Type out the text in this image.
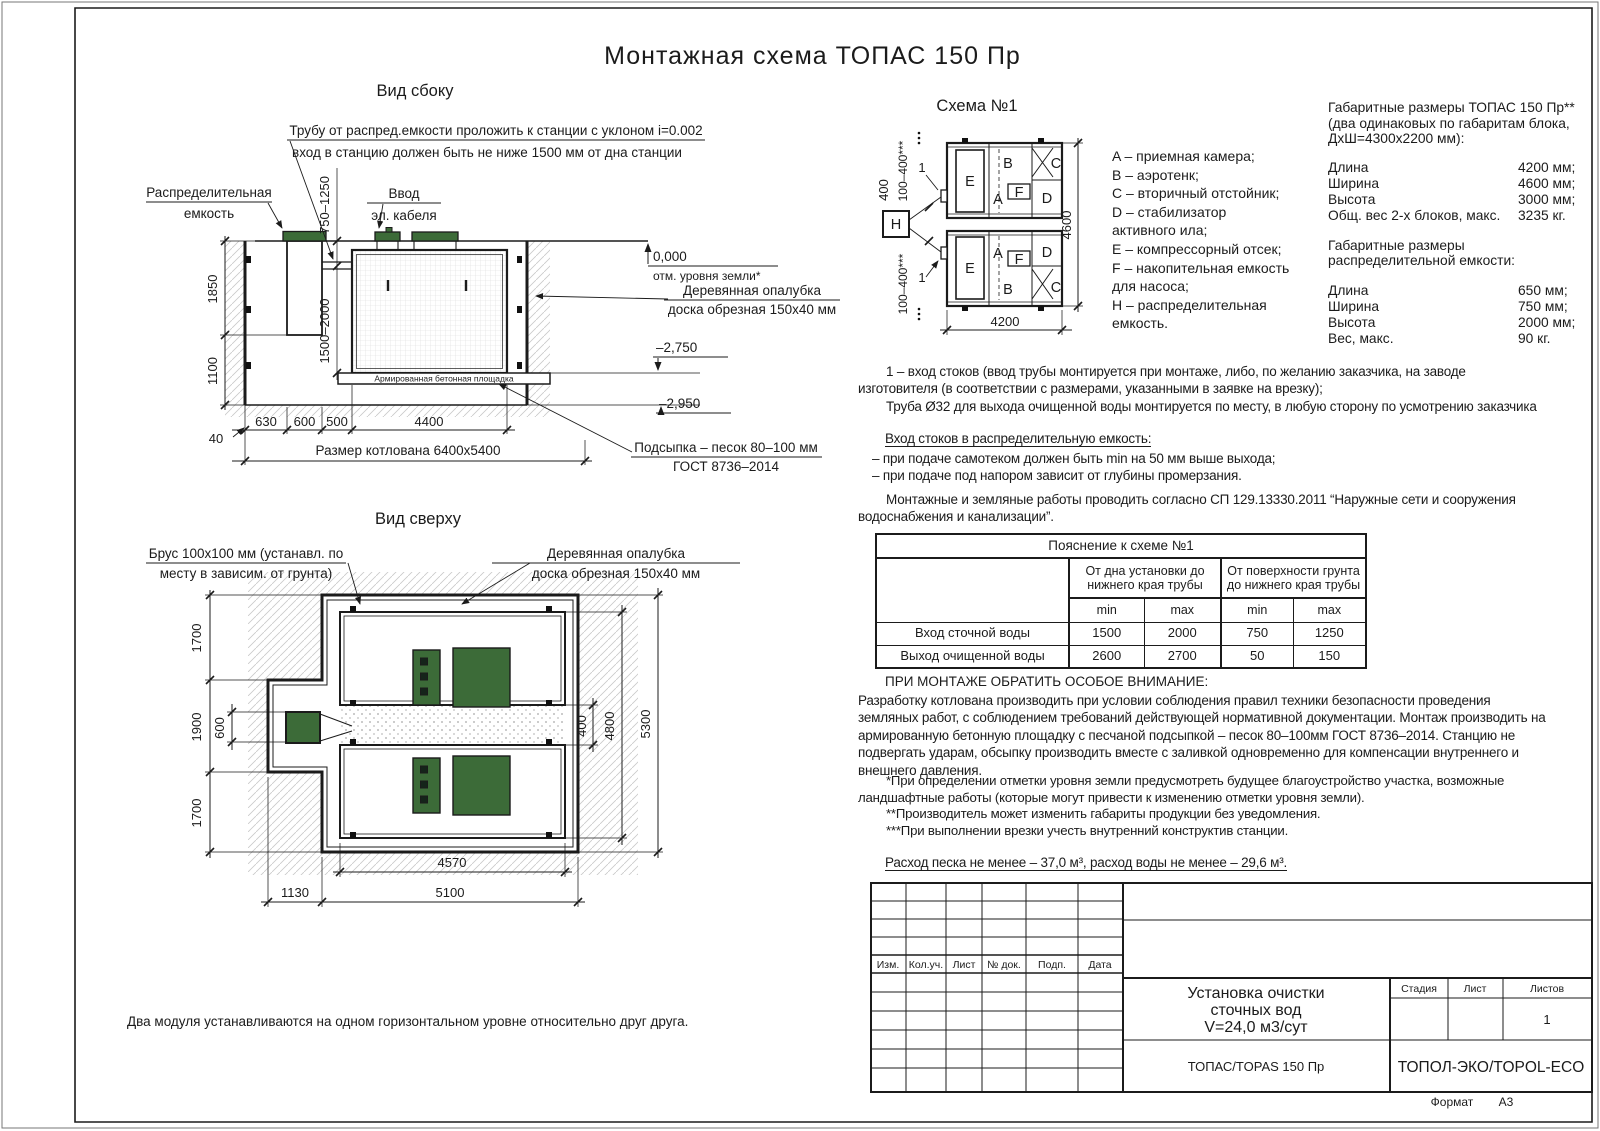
Вид сбоку
Трубу от распред.емкости проложить к станции с уклоном i=0.002
вход в станцию должен быть не ниже 1500 мм от дна станции
Распределительная
емкость
Ввод
эл. кабеля
1850
1100
750–1250
1500–2000
0,000
отм. уровня земли*
Деревянная опалубка
доска обрезная 150х40 мм
–2,750
–2,950
Армированная бетонная площадка
40
630 600 500	4400
Размер котлована 6400х5400	Подсыпка – песок 80–100 мм
ГОСТ 8736–2014
Схема №1
E
B	C
A F D
E
A	D
F
B	C
H
1
1
400 100–400***
100–400***
4600
4200
Вид сверху
Брус 100х100 мм (устанавл. по
месту в зависим. от грунта)
Деревянная опалубка
доска обрезная 150х40 мм
1700
1900
1700
600	400 4800 5300
4570
1130	5100
Изм. Кол.уч. Лист № док. Подп. Дата
Установка очистки
сточных вод
V=24,0 м3/сут
Стадия	Лист	Листов
1
ТОПАС/TOPAS 150 Пр	ТОПОЛ-ЭКО/TOPOL-ECO
Формат А3
Монтажная схема ТОПАС 150 Пр
A – приемная камера;
B – аэротенк;
C – вторичный отстойник;
D – стабилизатор
активного ила;
E – компрессорный отсек;
F – накопительная емкость
для насоса;
H – распределительная
емкость.
Габаритные размеры ТОПАС 150 Пр**
(два одинаковых по габаритам блока,
ДхШ=4300х2200 мм):
Длина	4200 мм;
Ширина	4600 мм;
Высота	3000 мм;
Общ. вес 2-х блоков, макс. 3235 кг.
Габаритные размеры
распределительной емкости:
Длина	650 мм;
Ширина	750 мм;
Высота	2000 мм;
Вес, макс.	90 кг.
1 – вход стоков (ввод трубы монтируется при монтаже, либо, по желанию заказчика, на заводе
изготовителя (в соответствии с размерами, указанными в заявке на врезку);
Труба Ø32 для выхода очищенной воды монтируется по месту, в любую сторону по усмотрению заказчика
Вход стоков в распределительную емкость:
– при подаче самотеком должен быть min на 50 мм выше выхода;
– при подаче под напором зависит от глубины промерзания.
Монтажные и земляные работы проводить согласно СП 129.13330.2011 “Наружные сети и сооружения
водоснабжения и канализации”.
Пояснение к схеме №1				
	От дна установки до нижнего края трубы		От поверхности грунта до нижнего края трубы	
	min	max	min	max
Вход сточной воды	1500	2000	750	1250
Выход очищенной воды	2600	2700	50	150
ПРИ МОНТАЖЕ ОБРАТИТЬ ОСОБОЕ ВНИМАНИЕ:
Разработку котлована производить при условии соблюдения правил техники безопасности проведения
земляных работ, с соблюдением требований действующей нормативной документации. Монтаж производить на
армированную бетонную площадку с песчаной подсыпкой – песок 80–100мм ГОСТ 8736–2014. Станцию не
подвергать ударам, обсыпку производить вместе с заливкой одновременно для компенсации внутреннего и
внешнего давления.
*При определении отметки уровня земли предусмотреть будущее благоустройство участка, возможные
ландшафтные работы (которые могут привести к изменению отметки уровня земли).
**Производитель может изменить габариты продукции без уведомления.
***При выполнении врезки учесть внутренний конструктив станции.
Расход песка не менее – 37,0 м³, расход воды не менее – 29,6 м³.
Два модуля устанавливаются на одном горизонтальном уровне относительно друг друга.
